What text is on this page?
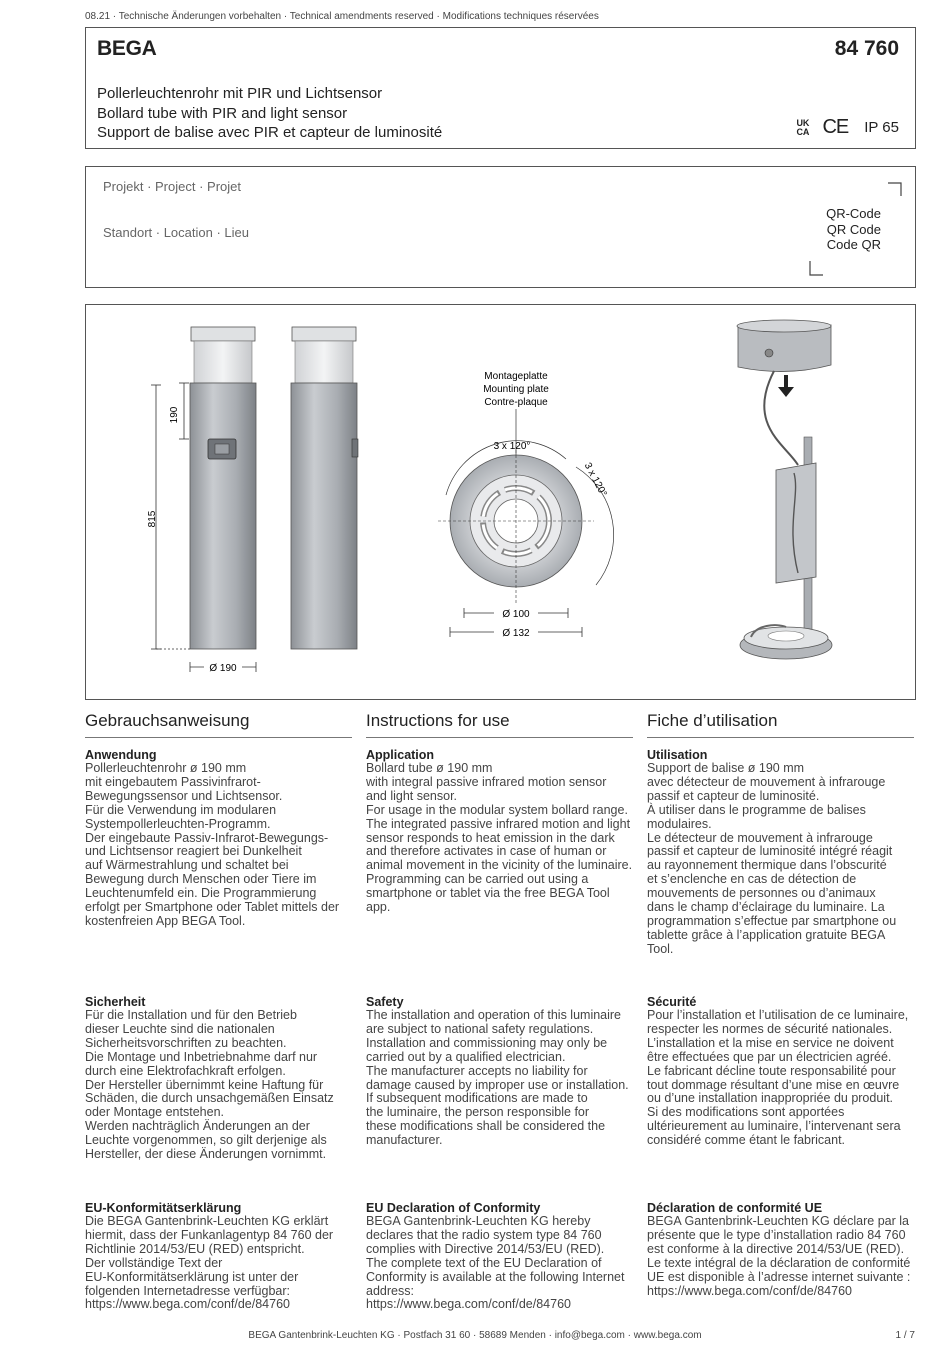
08.21 · Technische Änderungen vorbehalten · Technical amendments reserved · Modifications techniques réservées
BEGA	84 760
Pollerleuchtenrohr mit PIR und Lichtsensor
Bollard tube with PIR and light sensor
Support de balise avec PIR et capteur de luminosité
UK
CA CE IP 65
Projekt · Project · Projet
Standort · Location · Lieu
QR-Code
QR Code
Code QR
190
815
Ø 190
Montageplatte
Mounting plate
Contre-plaque
3 x 120°
3 x 120°
Ø 100
Ø 132
Gebrauchsanweisung
Anwendung

Pollerleuchtenrohr ø 190 mm
mit eingebautem Passivinfrarot-
Bewegungssensor und Lichtsensor.
Für die Verwendung im modularen
Systempollerleuchten-Programm.
Der eingebaute Passiv-Infrarot-Bewegungs-
und Lichtsensor reagiert bei Dunkelheit
auf Wärmestrahlung und schaltet bei
Bewegung durch Menschen oder Tiere im
Leuchtenumfeld ein. Die Programmierung
erfolgt per Smartphone oder Tablet mittels der
kostenfreien App BEGA Tool.

Sicherheit

Für die Installation und für den Betrieb
dieser Leuchte sind die nationalen
Sicherheitsvorschriften zu beachten.
Die Montage und Inbetriebnahme darf nur
durch eine Elektrofachkraft erfolgen.
Der Hersteller übernimmt keine Haftung für
Schäden, die durch unsachgemäßen Einsatz
oder Montage entstehen.
Werden nachträglich Änderungen an der
Leuchte vorgenommen, so gilt derjenige als
Hersteller, der diese Änderungen vornimmt.

EU-Konformitätserklärung

Die BEGA Gantenbrink-Leuchten KG erklärt
hiermit, dass der Funkanlagentyp 84 760 der
Richtlinie 2014/53/EU (RED) entspricht.
Der vollständige Text der
EU-Konformitätserklärung ist unter der
folgenden Internetadresse verfügbar:
https://www.bega.com/conf/de/84760

Instructions for use
Application

Bollard tube ø 190 mm
with integral passive infrared motion sensor
and light sensor.
For usage in the modular system bollard range.
The integrated passive infrared motion and light
sensor responds to heat emission in the dark
and therefore activates in case of human or
animal movement in the vicinity of the luminaire.
Programming can be carried out using a
smartphone or tablet via the free BEGA Tool
app.

Safety

The installation and operation of this luminaire
are subject to national safety regulations.
Installation and commissioning may only be
carried out by a qualified electrician.
The manufacturer accepts no liability for
damage caused by improper use or installation.
If subsequent modifications are made to
the luminaire, the person responsible for
these modifications shall be considered the
manufacturer.

EU Declaration of Conformity

BEGA Gantenbrink-Leuchten KG hereby
declares that the radio system type 84 760
complies with Directive 2014/53/EU (RED).
The complete text of the EU Declaration of
Conformity is available at the following Internet
address:
https://www.bega.com/conf/de/84760

Fiche d’utilisation
Utilisation

Support de balise ø 190 mm
avec détecteur de mouvement à infrarouge
passif et capteur de luminosité.
À utiliser dans le programme de balises
modulaires.
Le détecteur de mouvement à infrarouge
passif et capteur de luminosité intégré réagit
au rayonnement thermique dans l’obscurité
et s’enclenche en cas de détection de
mouvements de personnes ou d’animaux
dans le champ d’éclairage du luminaire. La
programmation s’effectue par smartphone ou
tablette grâce à l’application gratuite BEGA
Tool.

Sécurité

Pour l’installation et l’utilisation de ce luminaire,
respecter les normes de sécurité nationales.
L’installation et la mise en service ne doivent
être effectuées que par un électricien agréé.
Le fabricant décline toute responsabilité pour
tout dommage résultant d’une mise en œuvre
ou d’une installation inappropriée du produit.
Si des modifications sont apportées
ultérieurement au luminaire, l’intervenant sera
considéré comme étant le fabricant.

Déclaration de conformité UE

BEGA Gantenbrink-Leuchten KG déclare par la
présente que le type d’installation radio 84 760
est conforme à la directive 2014/53/UE (RED).
Le texte intégral de la déclaration de conformité
UE est disponible à l’adresse internet suivante :
https://www.bega.com/conf/de/84760

BEGA Gantenbrink-Leuchten KG · Postfach 31 60 · 58689 Menden · info@bega.com · www.bega.com	1 / 7
